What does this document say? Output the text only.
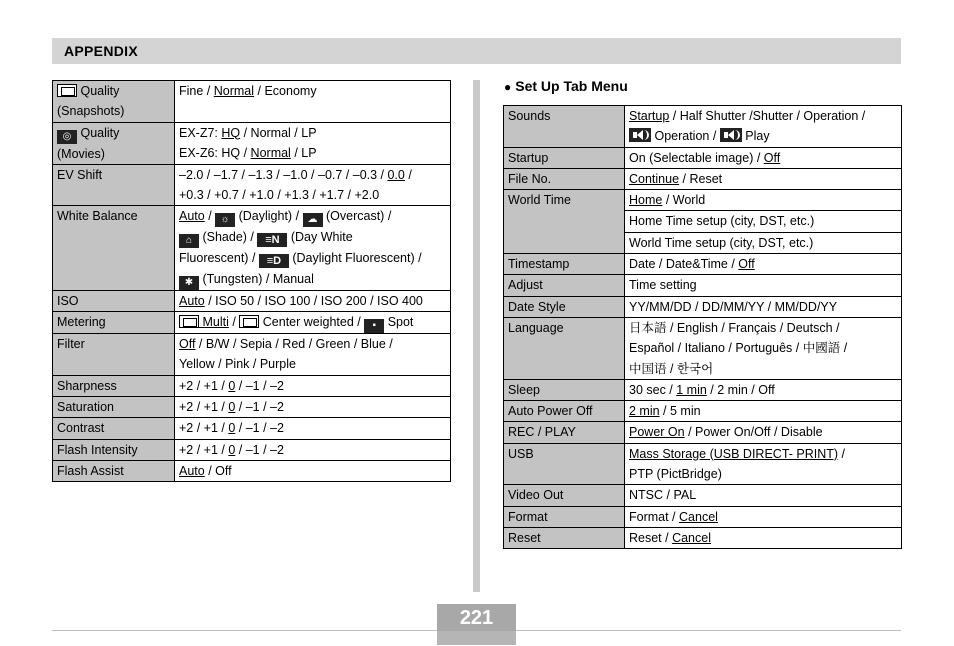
APPENDIX
Quality
(Snapshots)	Fine / Normal / Economy
◎ Quality
(Movies)	EX-Z7: HQ / Normal / LP
EX-Z6: HQ / Normal / LP
EV Shift	–2.0 / –1.7 / –1.3 / –1.0 / –0.7 / –0.3 / 0.0 /
+0.3 / +0.7 / +1.0 / +1.3 / +1.7 / +2.0
White Balance	Auto / ☼ (Daylight) / ☁ (Overcast) /
⌂ (Shade) / ≡N (Day White
Fluorescent) / ≡D (Daylight Fluorescent) /
✱ (Tungsten) / Manual
ISO	Auto / ISO 50 / ISO 100 / ISO 200 / ISO 400
Metering	Multi /
Center weighted / ▪ Spot
Filter	Off / B/W / Sepia / Red / Green / Blue /
Yellow / Pink / Purple
Sharpness	+2 / +1 / 0 / –1 / –2
Saturation	+2 / +1 / 0 / –1 / –2
Contrast	+2 / +1 / 0 / –1 / –2
Flash Intensity	+2 / +1 / 0 / –1 / –2
Flash Assist	Auto / Off
● Set Up Tab Menu
Sounds	Startup / Half Shutter /Shutter / Operation /

Operation /
Play
Startup	On (Selectable image) / Off
File No.	Continue / Reset
World Time	Home / World
	Home Time setup (city, DST, etc.)
	World Time setup (city, DST, etc.)
Timestamp	Date / Date&Time / Off
Adjust	Time setting
Date Style	YY/MM/DD / DD/MM/YY / MM/DD/YY
Language	日本語 / English / Français / Deutsch /
Español / Italiano / Português / 中國語 /
中国语 / 한국어
Sleep	30 sec / 1 min / 2 min / Off
Auto Power Off	2 min / 5 min
REC / PLAY	Power On / Power On/Off / Disable
USB	Mass Storage (USB DIRECT- PRINT) /
PTP (PictBridge)
Video Out	NTSC / PAL
Format	Format / Cancel
Reset	Reset / Cancel
221
